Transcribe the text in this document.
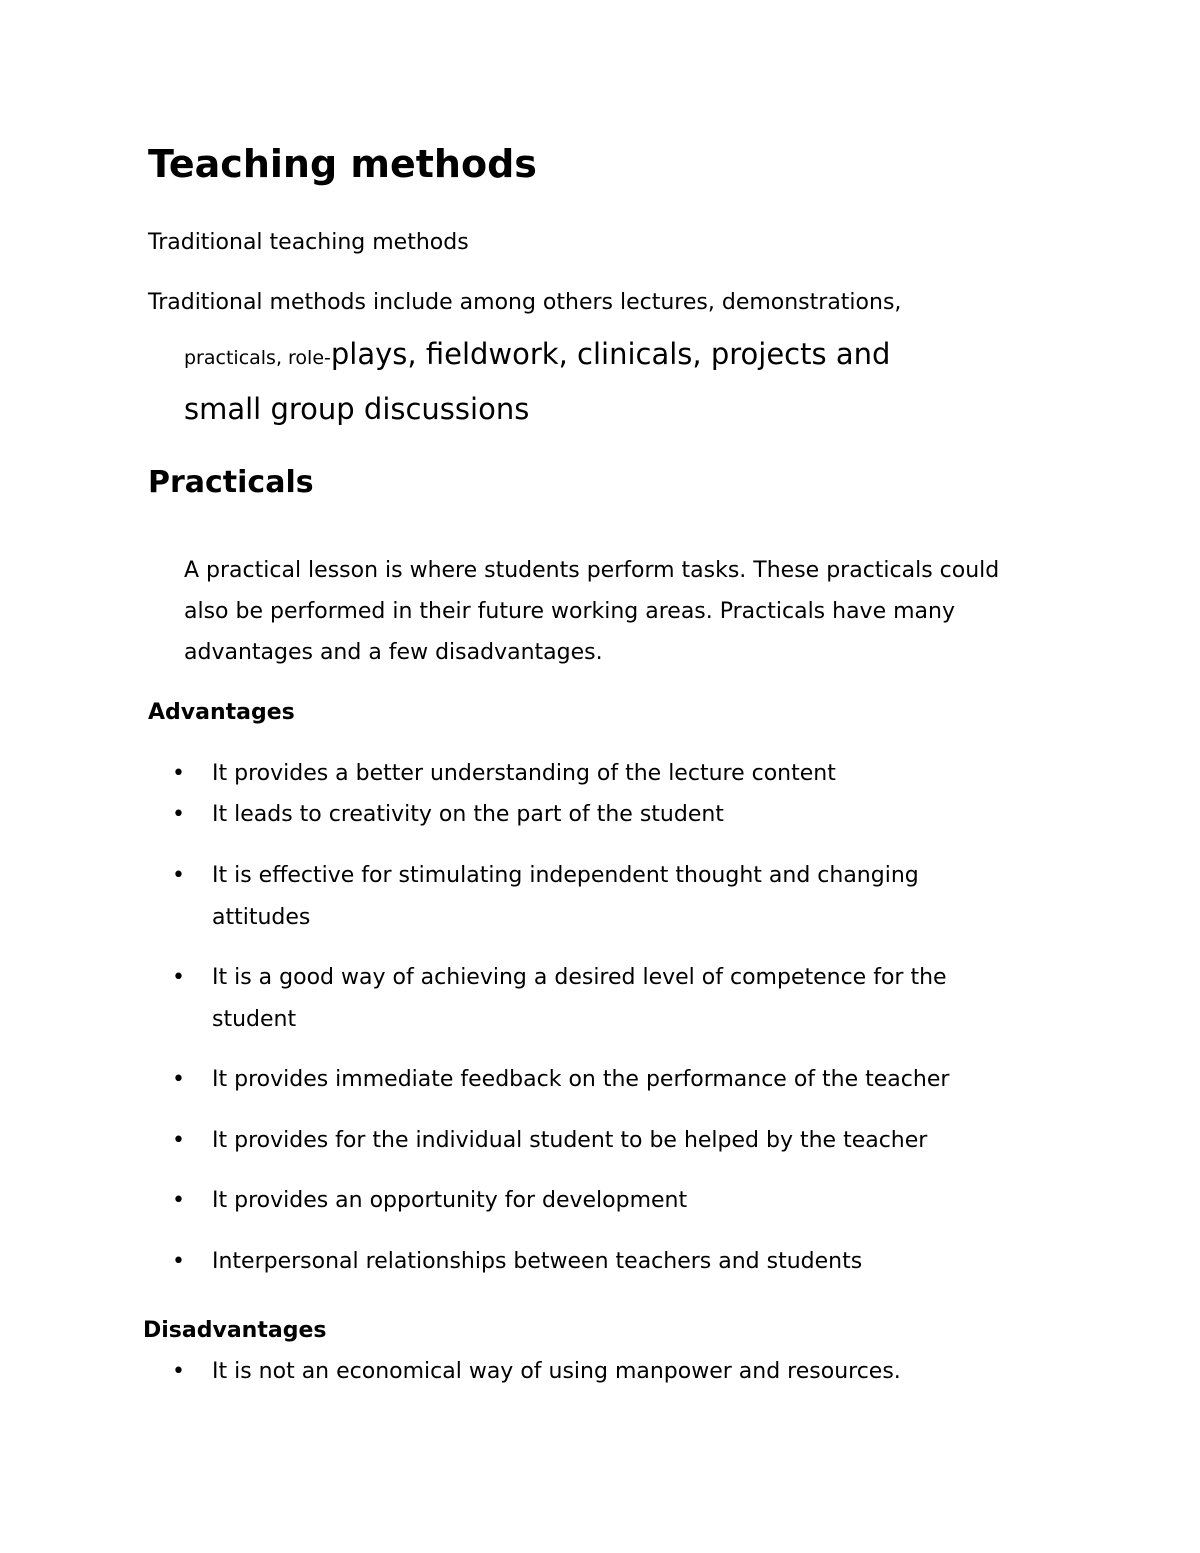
Teaching methods
Traditional teaching methods
Traditional methods include among others lectures, demonstrations,
practicals, role-plays, fieldwork, clinicals, projects and
small group discussions
Practicals
A practical lesson is where students perform tasks. These practicals could
also be performed in their future working areas. Practicals have many
advantages and a few disadvantages.
Advantages
• It provides a better understanding of the lecture content
• It leads to creativity on the part of the student
• It is effective for stimulating independent thought and changing
attitudes
• It is a good way of achieving a desired level of competence for the
student
• It provides immediate feedback on the performance of the teacher
• It provides for the individual student to be helped by the teacher
• It provides an opportunity for development
• Interpersonal relationships between teachers and students
Disadvantages
• It is not an economical way of using manpower and resources.
